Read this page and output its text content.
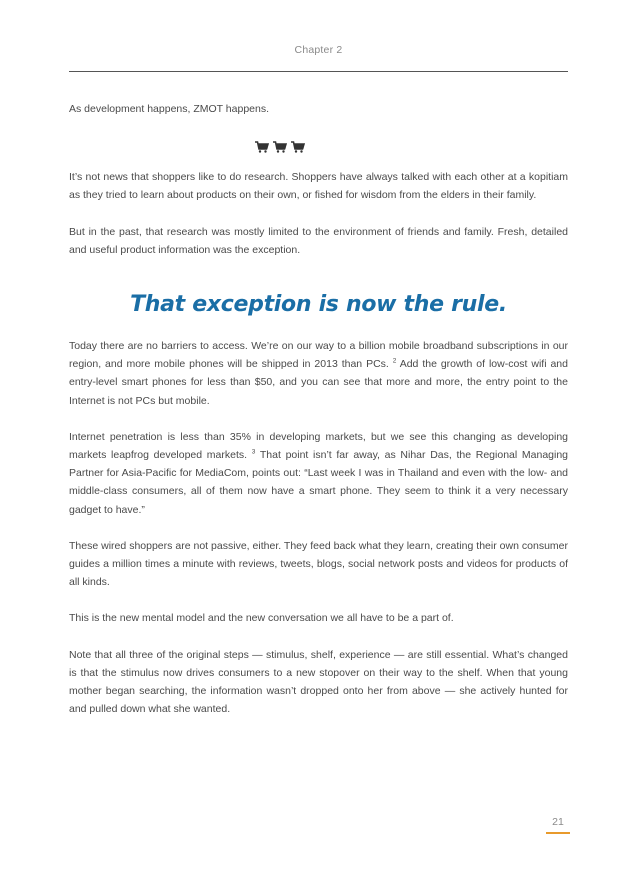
Chapter 2

As development happens, ZMOT happens.

It’s not news that shoppers like to do research. Shoppers have always talked with each other at a kopitiam as they tried to learn about products on their own, or fished for wisdom from the elders in their family.

But in the past, that research was mostly limited to the environment of friends and family. Fresh, detailed and useful product information was the exception.

That exception is now the rule.

Today there are no barriers to access. We’re on our way to a billion mobile broadband subscriptions in our region, and more mobile phones will be shipped in 2013 than PCs. $^2$ Add the growth of low-cost wifi and entry-level smart phones for less than $50, and you can see that more and more, the entry point to the Internet is not PCs but mobile.

Internet penetration is less than 35% in developing markets, but we see this changing as developing markets leapfrog developed markets. $^3$ That point isn’t far away, as Nihar Das, the Regional Managing Partner for Asia-Pacific for MediaCom, points out: “Last week I was in Thailand and even with the low- and middle-class consumers, all of them now have a smart phone. They seem to think it a very necessary gadget to have.”

These wired shoppers are not passive, either. They feed back what they learn, creating their own consumer guides a million times a minute with reviews, tweets, blogs, social network posts and videos for products of all kinds.

This is the new mental model and the new conversation we all have to be a part of.

Note that all three of the original steps — stimulus, shelf, experience — are still essential. What’s changed is that the stimulus now drives consumers to a new stopover on their way to the shelf. When that young mother began searching, the information wasn’t dropped onto her from above — she actively hunted for and pulled down what she wanted.

21
